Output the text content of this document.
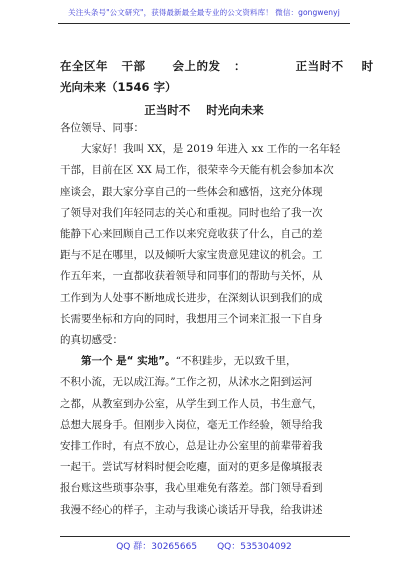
关注头条号"公文研究"，获得最新最全最专业的公文资料库！ 微信：gongwenyj
在全区年   干部      会上的发   ：           正当时不    时
光向未来（1546 字）
正当时不    时光向未来

各位领导、同事：

大家好！我叫 XX，是 2019 年进入 xx 工作的一名年轻
干部，目前在区 XX 局工作，很荣幸今天能有机会参加本次
座谈会，跟大家分享自己的一些体会和感悟，这充分体现
了领导对我们年轻同志的关心和重视。同时也给了我一次
能静下心来回顾自己工作以来究竟收获了什么，自己的差
距与不足在哪里，以及倾听大家宝贵意见建议的机会。工
作五年来，一直都收获着领导和同事们的帮助与关怀，从
工作到为人处事不断地成长进步，在深刻认识到我们的成
长需要坐标和方向的同时，我想用三个词来汇报一下自身
的真切感受：
第一个 是“ 实地”。“不积跬步，无以致千里，
不积小流，无以成江海。”工作之初，从沭水之阳到运河
之都，从教室到办公室，从学生到工作人员，书生意气，
总想大展身手。但刚步入岗位，毫无工作经验，领导给我
安排工作时，有点不放心，总是让办公室里的前辈带着我
一起干。尝试写材料时便会吃瘪，面对的更多是像填报表
报台账这些琐事杂事，我心里难免有落差。部门领导看到
我漫不经心的样子，主动与我谈心谈话开导我，给我讲述
QQ 群：30265665 QQ：535304092
